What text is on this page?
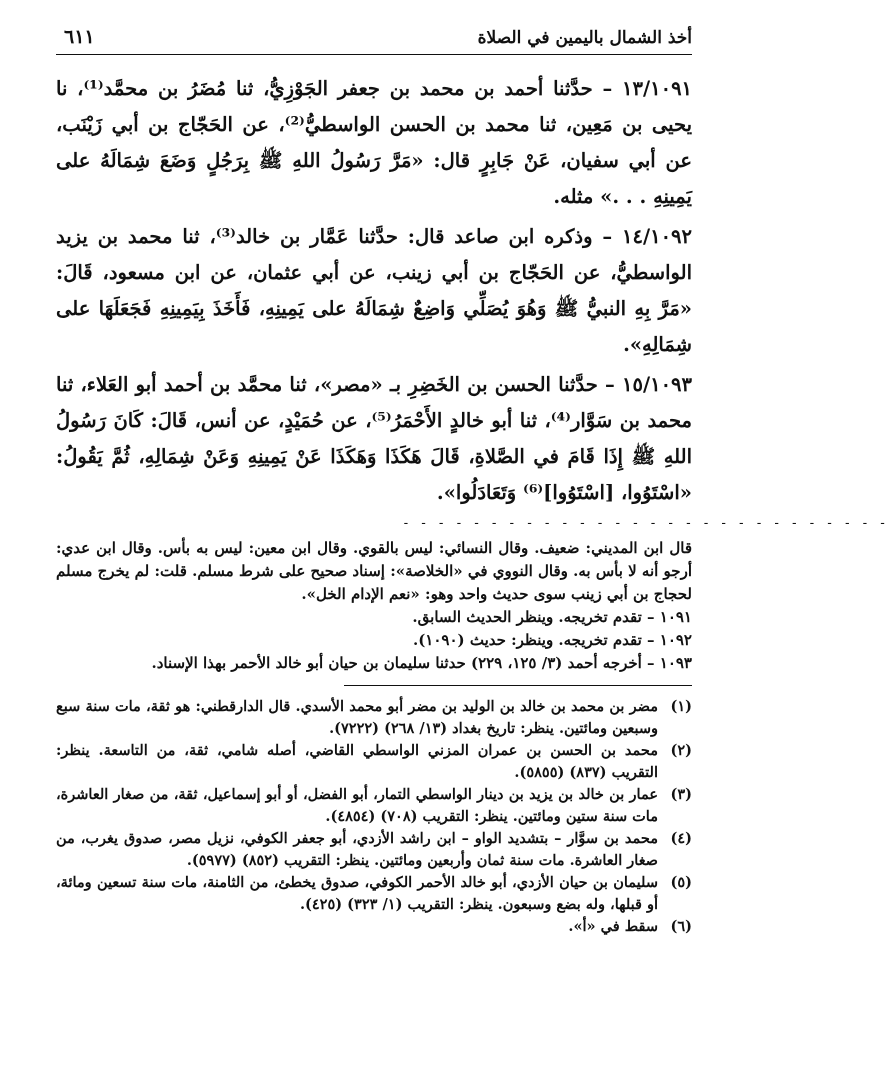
أخذ الشمال باليمين في الصلاة
٦١١

١٣/١٠٩١ – حدَّثنا أحمد بن محمد بن جعفر الجَوْزِيُّ، ثنا مُضَرُ بن محمَّد⁽¹⁾، نا يحيى بن مَعِين، ثنا محمد بن الحسن الواسطيُّ⁽²⁾، عن الحَجّاج بن أبي زَيْنَب، عن أبي سفيان، عَنْ جَابِرٍ قال: «مَرَّ رَسُولُ اللهِ ﷺ بِرَجُلٍ وَضَعَ شِمَالَهُ على يَمِينِهِ . . .» مثله.

١٤/١٠٩٢ – وذكره ابن صاعد قال: حدَّثنا عَمَّار بن خالد⁽³⁾، ثنا محمد بن يزيد الواسطيُّ، عن الحَجّاج بن أبي زينب، عن أبي عثمان، عن ابن مسعود، قَالَ: «مَرَّ بِهِ النبيُّ ﷺ وَهُوَ يُصَلِّي وَاضِعٌ شِمَالَهُ على يَمِينِهِ، فَأَخَذَ بِيَمِينِهِ فَجَعَلَهَا على شِمَالِهِ».

١٥/١٠٩٣ – حدَّثنا الحسن بن الخَضِرِ بـ «مصر»، ثنا محمَّد بن أحمد أبو العَلاء، ثنا محمد بن سَوَّار⁽⁴⁾، ثنا أبو خالدٍ الأَحْمَرُ⁽⁵⁾، عن حُمَيْدٍ، عن أنس، قَالَ: كَانَ رَسُولُ اللهِ ﷺ إِذَا قَامَ في الصَّلاةِ، قَالَ هَكَذَا وَهَكَذَا عَنْ يَمِينِهِ وَعَنْ شِمَالِهِ، ثُمَّ يَقُولُ: «اسْتَوُوا، [اسْتَوُوا]⁽⁶⁾ وَتَعَادَلُوا».

- - - - - - - - - - - - - - - - - - - - - - - - - - - -

قال ابن المديني: ضعيف. وقال النسائي: ليس بالقوي. وقال ابن معين: ليس به بأس. وقال ابن عدي: أرجو أنه لا بأس به. وقال النووي في «الخلاصة»: إسناد صحيح على شرط مسلم. قلت: لم يخرج مسلم لحجاج بن أبي زينب سوى حديث واحد وهو: «نعم الإدام الخل».

١٠٩١ – تقدم تخريجه. وينظر الحديث السابق.

١٠٩٢ – تقدم تخريجه. وينظر: حديث (١٠٩٠).

١٠٩٣ – أخرجه أحمد (٣/ ١٢٥، ٢٢٩) حدثنا سليمان بن حيان أبو خالد الأحمر بهذا الإسناد.

(١)
مضر بن محمد بن خالد بن الوليد بن مضر أبو محمد الأسدي. قال الدارقطني: هو ثقة، مات سنة سبع وسبعين ومائتين. ينظر: تاريخ بغداد (١٣/ ٢٦٨) (٧٢٢٢).
(٢)
محمد بن الحسن بن عمران المزني الواسطي القاضي، أصله شامي، ثقة، من التاسعة. ينظر: التقريب (٨٣٧) (٥٨٥٥).
(٣)
عمار بن خالد بن يزيد بن دينار الواسطي التمار، أبو الفضل، أو أبو إسماعيل، ثقة، من صغار العاشرة، مات سنة ستين ومائتين. ينظر: التقريب (٧٠٨) (٤٨٥٤).
(٤)
محمد بن سوَّار – بتشديد الواو – ابن راشد الأزدي، أبو جعفر الكوفي، نزيل مصر، صدوق يغرب، من صغار العاشرة. مات سنة ثمان وأربعين ومائتين. ينظر: التقريب (٨٥٢) (٥٩٧٧).
(٥)
سليمان بن حيان الأزدي، أبو خالد الأحمر الكوفي، صدوق يخطئ، من الثامنة، مات سنة تسعين ومائة، أو قبلها، وله بضع وسبعون. ينظر: التقريب (١/ ٣٢٣) (٤٢٥).
(٦)
سقط في «أ».
